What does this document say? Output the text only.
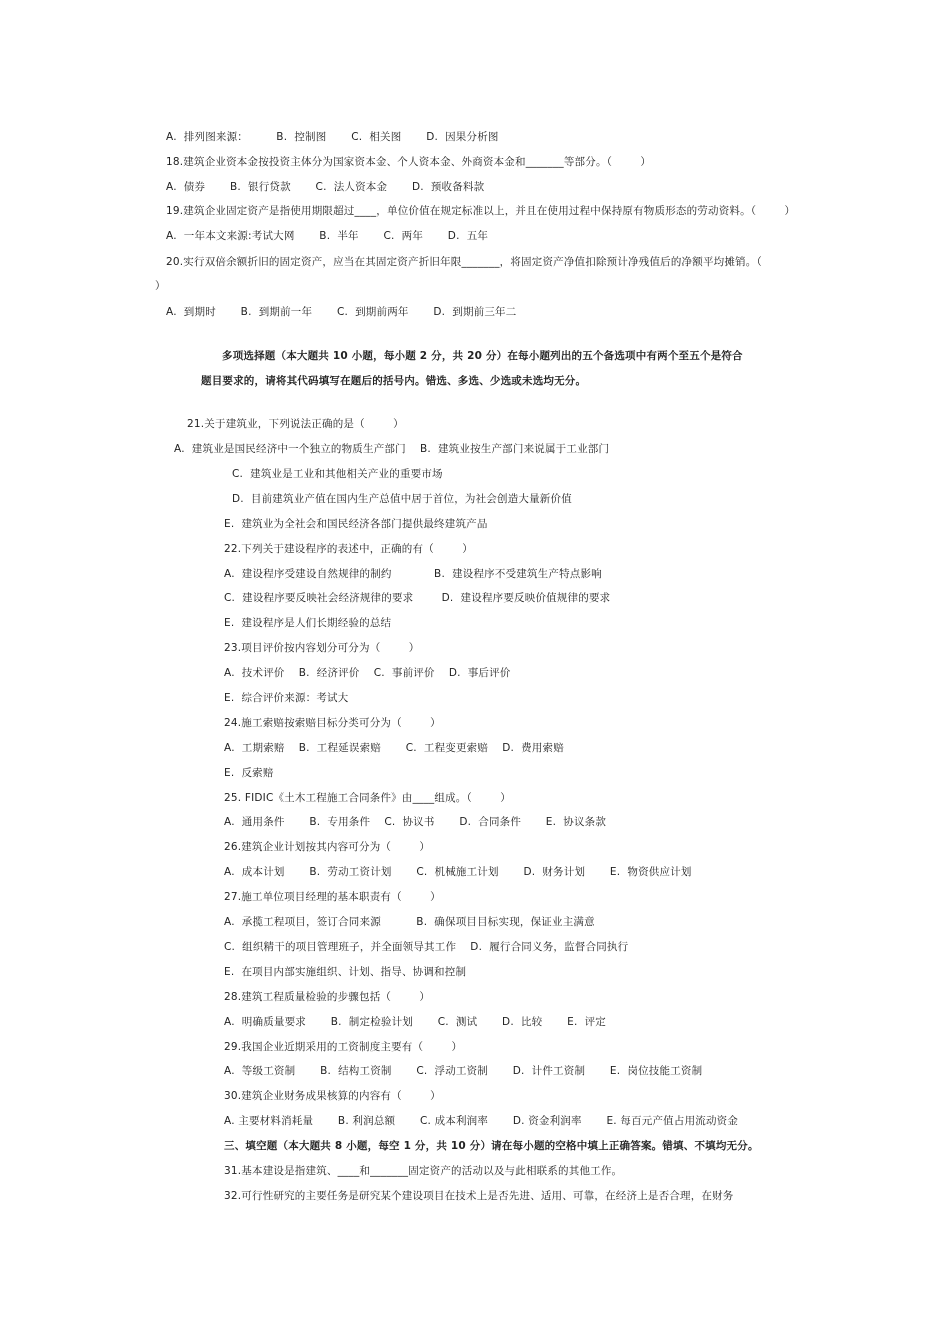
A.  排列图来源：        B.  控制图       C.  相关图       D.  因果分析图
18.建筑企业资本金按投资主体分为国家资本金、个人资本金、外商资本金和_______等部分。（        ）
A.  债券       B.  银行贷款       C.  法人资本金       D.  预收备料款
19.建筑企业固定资产是指使用期限超过____，单位价值在规定标准以上，并且在使用过程中保持原有物质形态的劳动资料。（        ）
A.  一年本文来源:考试大网       B.  半年       C.  两年       D.  五年
20.实行双倍余额折旧的固定资产，应当在其固定资产折旧年限_______，将固定资产净值扣除预计净残值后的净额平均摊销。（
）
A.  到期时       B.  到期前一年       C.  到期前两年       D.  到期前三年二
多项选择题（本大题共 10 小题，每小题 2 分，共 20 分）在每小题列出的五个备选项中有两个至五个是符合
题目要求的，请将其代码填写在题后的括号内。错选、多选、少选或未选均无分。
21.关于建筑业，下列说法正确的是（        ）
A.  建筑业是国民经济中一个独立的物质生产部门    B.  建筑业按生产部门来说属于工业部门
C.  建筑业是工业和其他相关产业的重要市场
D.  目前建筑业产值在国内生产总值中居于首位，为社会创造大量新价值
E.  建筑业为全社会和国民经济各部门提供最终建筑产品
22.下列关于建设程序的表述中，正确的有（        ）
A.  建设程序受建设自然规律的制约            B.  建设程序不受建筑生产特点影响
C.  建设程序要反映社会经济规律的要求        D.  建设程序要反映价值规律的要求
E.  建设程序是人们长期经验的总结
23.项目评价按内容划分可分为（        ）
A.  技术评价    B.  经济评价    C.  事前评价    D.  事后评价
E.  综合评价来源：考试大
24.施工索赔按索赔目标分类可分为（        ）
A.  工期索赔    B.  工程延误索赔       C.  工程变更索赔    D.  费用索赔
E.  反索赔
25. FIDIC《土木工程施工合同条件》由____组成。（        ）
A.  通用条件       B.  专用条件    C.  协议书       D.  合同条件       E.  协议条款
26.建筑企业计划按其内容可分为（        ）
A.  成本计划       B.  劳动工资计划       C.  机械施工计划       D.  财务计划       E.  物资供应计划
27.施工单位项目经理的基本职责有（        ）
A.  承揽工程项目，签订合同来源          B.  确保项目目标实现，保证业主满意
C.  组织精干的项目管理班子，并全面领导其工作    D.  履行合同义务，监督合同执行
E.  在项目内部实施组织、计划、指导、协调和控制
28.建筑工程质量检验的步骤包括（        ）
A.  明确质量要求       B.  制定检验计划       C.  测试       D.  比较       E.  评定
29.我国企业近期采用的工资制度主要有（        ）
A.  等级工资制       B.  结构工资制       C.  浮动工资制       D.  计件工资制       E.  岗位技能工资制
30.建筑企业财务成果核算的内容有（        ）
A. 主要材料消耗量       B. 利润总额       C. 成本利润率       D. 资金利润率       E. 每百元产值占用流动资金
三、填空题（本大题共 8 小题，每空 1 分，共 10 分）请在每小题的空格中填上正确答案。错填、不填均无分。
31.基本建设是指建筑、____和_______固定资产的活动以及与此相联系的其他工作。
32.可行性研究的主要任务是研究某个建设项目在技术上是否先进、适用、可靠，在经济上是否合理，在财务
